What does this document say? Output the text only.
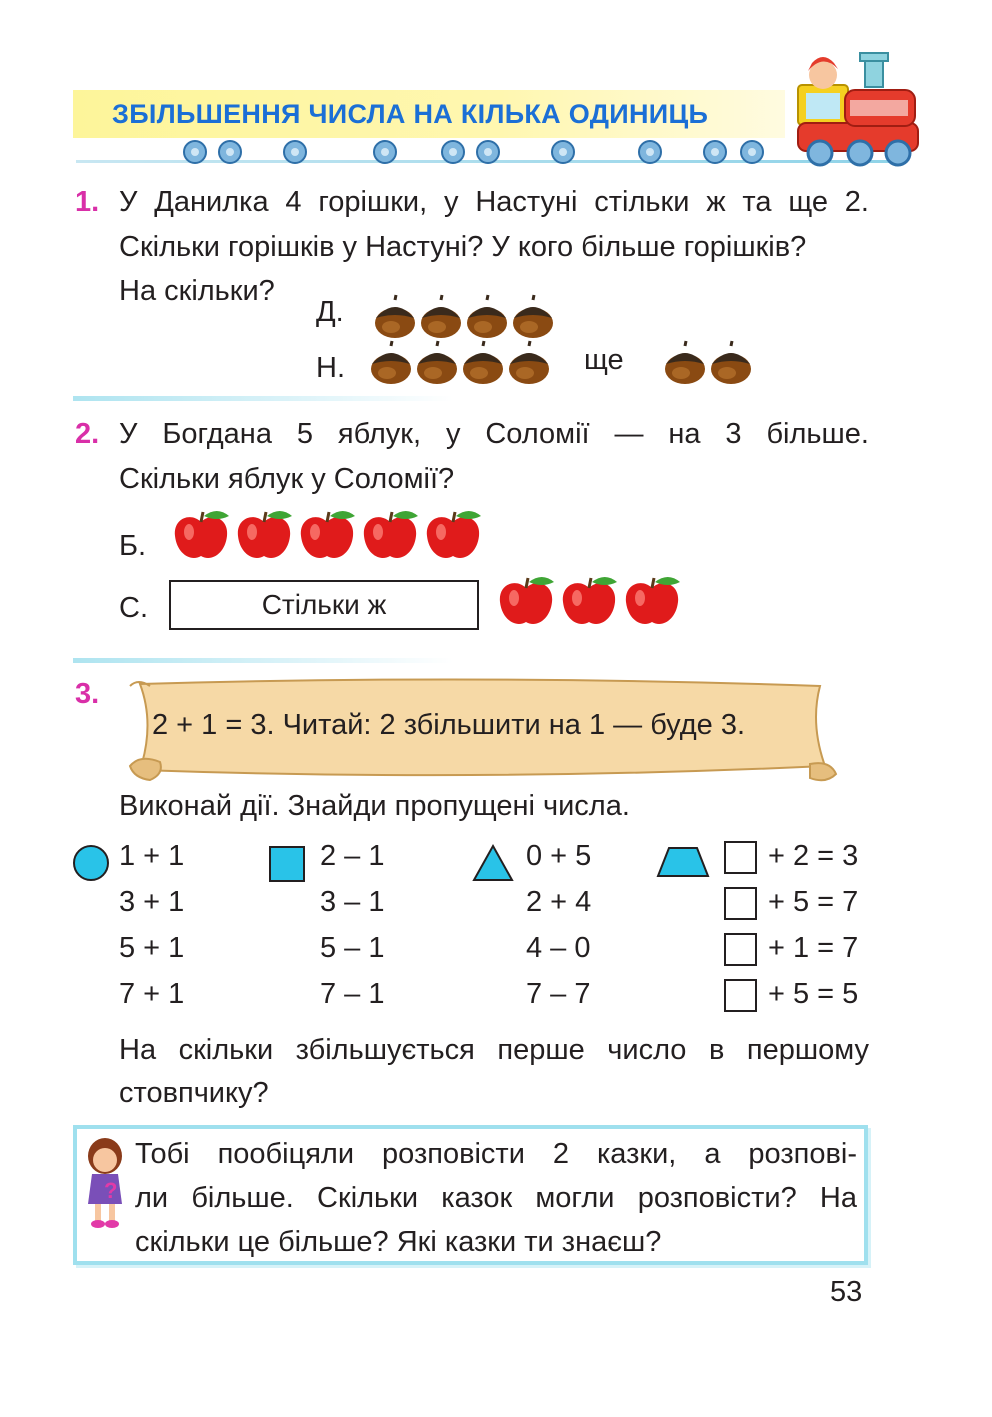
ЗБІЛЬШЕННЯ ЧИСЛА НА КІЛЬКА ОДИНИЦЬ
1. У Данилка 4 горішки, у Настуні стільки ж та ще 2.
Скільки горішків у Настуні? У кого більше горішків?
На скільки?
Д.
Н.	ще
2. У Богдана 5 яблук, у Соломії — на 3 більше.
Скільки яблук у Соломії?
Б.
С.	Стільки ж
3.
2 + 1 = 3. Читай: 2 збільшити на 1 — буде 3.
Виконай дії. Знайди пропущені числа.
1 + 1
3 + 1
5 + 1
7 + 1
2 – 1
3 – 1
5 – 1
7 – 1
0 + 5
2 + 4
4 – 0
7 – 7
+ 2 = 3
+ 5 = 7
+ 1 = 7
+ 5 = 5
На скільки збільшується перше число в першому
стовпчику?
?
Тобі пообіцяли розповісти 2 казки, а розпові-
ли більше. Скільки казок могли розповісти? На
скільки це більше? Які казки ти знаєш?
53
